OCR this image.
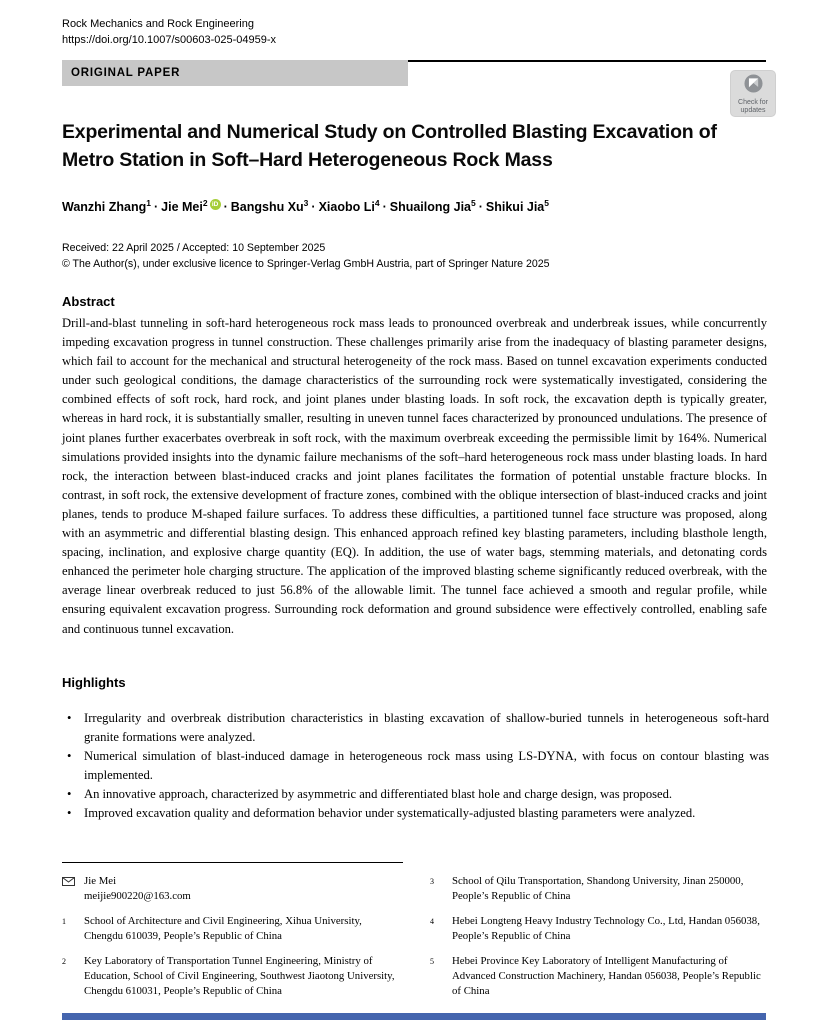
Rock Mechanics and Rock Engineering
https://doi.org/10.1007/s00603-025-04959-x
ORIGINAL PAPER
Check for
updates
Experimental and Numerical Study on Controlled Blasting Excavation of Metro Station in Soft–Hard Heterogeneous Rock Mass
Wanzhi Zhang$^1$ · Jie Mei$^2$ iD · Bangshu $Xu^3$ · Xiaobo $Li^4$ · Shuailong Jia$^5$ · Shikui Jia$^5$
Received: 22 April 2025 / Accepted: 10 September 2025
© The Author(s), under exclusive licence to Springer-Verlag GmbH Austria, part of Springer Nature 2025
Abstract

Drill-and-blast tunneling in soft-hard heterogeneous rock mass leads to pronounced overbreak and underbreak issues, while concurrently impeding excavation progress in tunnel construction. These challenges primarily arise from the inadequacy of blasting parameter designs, which fail to account for the mechanical and structural heterogeneity of the rock mass. Based on tunnel excavation experiments conducted under such geological conditions, the damage characteristics of the surrounding rock were systematically investigated, considering the combined effects of soft rock, hard rock, and joint planes under blasting loads. In soft rock, the excavation depth is typically greater, whereas in hard rock, it is substantially smaller, resulting in uneven tunnel faces characterized by pronounced undulations. The presence of joint planes further exacerbates overbreak in soft rock, with the maximum overbreak exceeding the permissible limit by 164%. Numerical simulations provided insights into the dynamic failure mechanisms of the soft–hard heterogeneous rock mass under blasting loads. In hard rock, the interaction between blast-induced cracks and joint planes facilitates the formation of potential unstable fracture blocks. In contrast, in soft rock, the extensive development of fracture zones, combined with the oblique intersection of blast-induced cracks and joint planes, tends to produce M-shaped failure surfaces. To address these difficulties, a partitioned tunnel face structure was proposed, along with an asymmetric and differential blasting design. This enhanced approach refined key blasting parameters, including blasthole length, spacing, inclination, and explosive charge quantity (EQ). In addition, the use of water bags, stemming materials, and detonating cords enhanced the perimeter hole charging structure. The application of the improved blasting scheme significantly reduced overbreak, with the average linear overbreak reduced to just 56.8% of the allowable limit. The tunnel face achieved a smooth and regular profile, while ensuring equivalent excavation progress. Surrounding rock deformation and ground subsidence were effectively controlled, enabling safe and continuous tunnel excavation.

Highlights
• Irregularity and overbreak distribution characteristics in blasting excavation of shallow-buried tunnels in heterogeneous soft-hard granite formations were analyzed.
• Numerical simulation of blast-induced damage in heterogeneous rock mass using LS-DYNA, with focus on contour blasting was implemented.
• An innovative approach, characterized by asymmetric and differentiated blast hole and charge design, was proposed.
• Improved excavation quality and deformation behavior under systematically-adjusted blasting parameters were analyzed.
Jie Mei
meijie900220@163.com
1	School of Architecture and Civil Engineering, Xihua University, Chengdu 610039, People’s Republic of China
2	Key Laboratory of Transportation Tunnel Engineering, Ministry of Education, School of Civil Engineering, Southwest Jiaotong University, Chengdu 610031, People’s Republic of China
3	School of Qilu Transportation, Shandong University, Jinan 250000, People’s Republic of China
4	Hebei Longteng Heavy Industry Technology Co., Ltd, Handan 056038, People’s Republic of China
5	Hebei Province Key Laboratory of Intelligent Manufacturing of Advanced Construction Machinery, Handan 056038, People’s Republic of China
